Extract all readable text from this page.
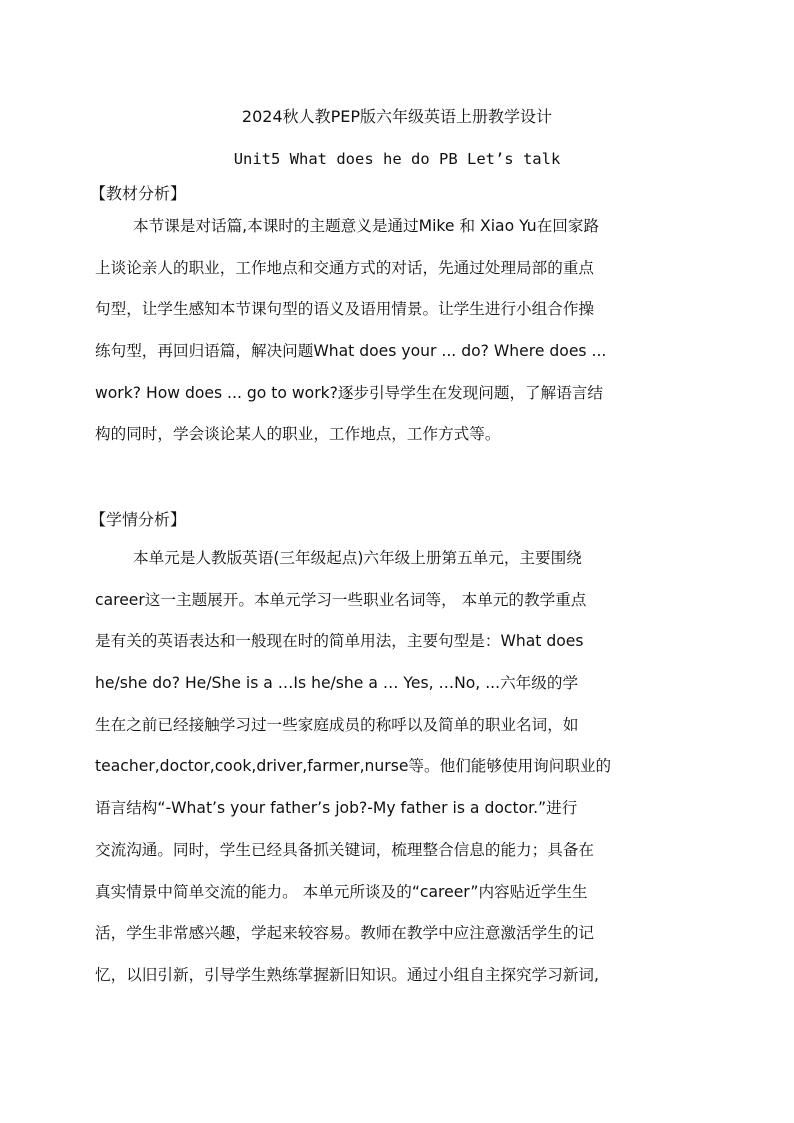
2024秋人教PEP版六年级英语上册教学设计
Unit5 What does he do PB Let’s talk
【教材分析】
本节课是对话篇,本课时的主题意义是通过Mike 和 Xiao Yu在回家路
上谈论亲人的职业，工作地点和交通方式的对话，先通过处理局部的重点
句型，让学生感知本节课句型的语义及语用情景。让学生进行小组合作操
练句型，再回归语篇，解决问题What does your ... do? Where does ...
work? How does ... go to work?逐步引导学生在发现问题，了解语言结
构的同时，学会谈论某人的职业，工作地点，工作方式等。
【学情分析】
本单元是人教版英语(三年级起点)六年级上册第五单元，主要围绕
career这一主题展开。本单元学习一些职业名词等， 本单元的教学重点
是有关的英语表达和一般现在时的简单用法，主要句型是：What does
he/she do? He/She is a …Is he/she a … Yes, …No, ...六年级的学
生在之前已经接触学习过一些家庭成员的称呼以及简单的职业名词，如
teacher,doctor,cook,driver,farmer,nurse等。他们能够使用询问职业的
语言结构“-What’s your father’s job?-My father is a doctor.”进行
交流沟通。同时，学生已经具备抓关键词，梳理整合信息的能力；具备在
真实情景中简单交流的能力。 本单元所谈及的“career”内容贴近学生生
活，学生非常感兴趣，学起来较容易。教师在教学中应注意激活学生的记
忆，以旧引新，引导学生熟练掌握新旧知识。通过小组自主探究学习新词,
